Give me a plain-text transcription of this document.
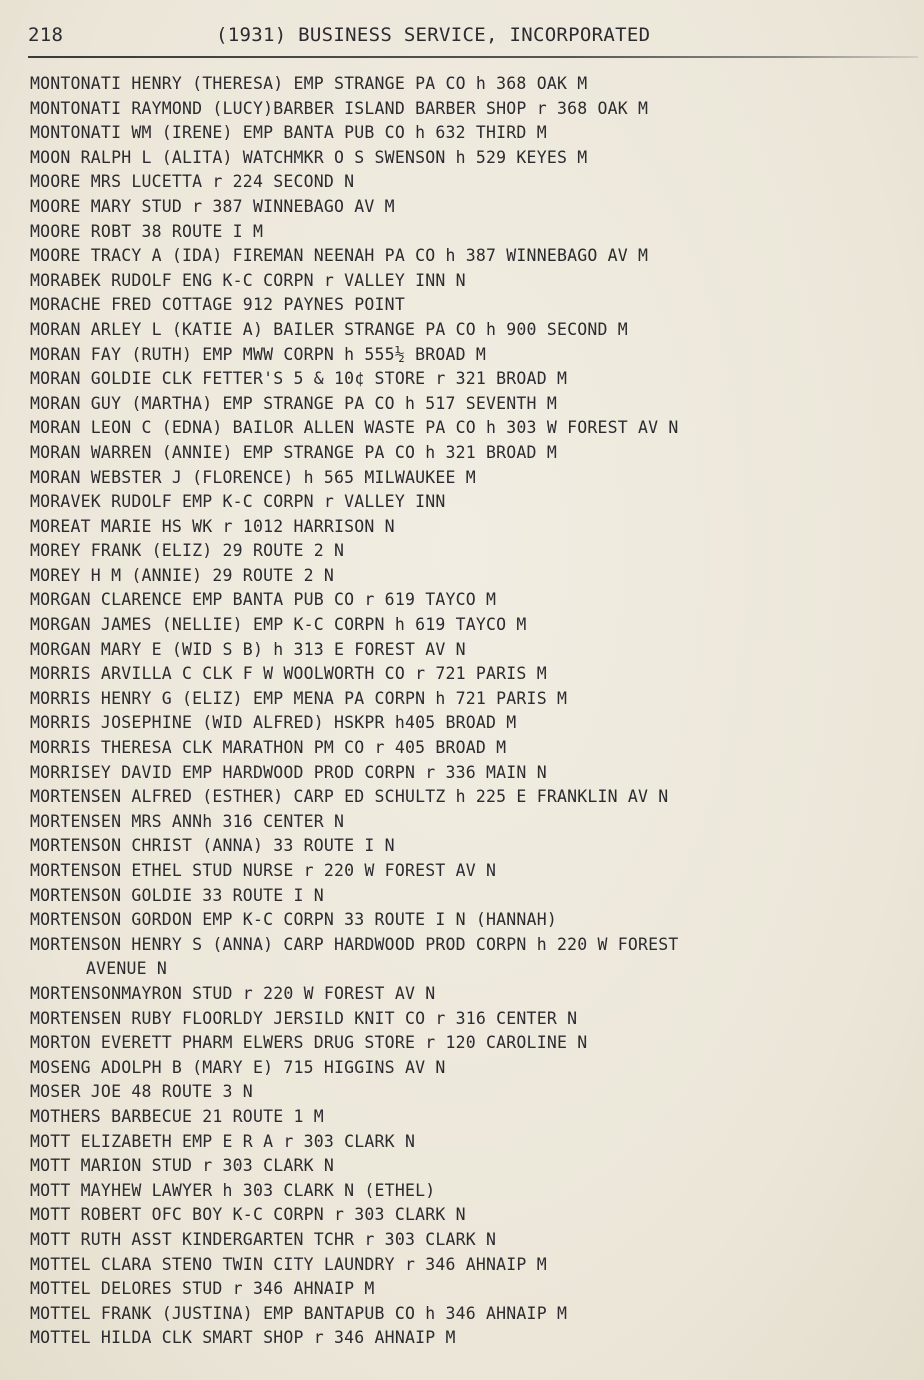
218	(1931) BUSINESS SERVICE, INCORPORATED
MONTONATI HENRY (THERESA) EMP STRANGE PA CO h 368 OAK M
MONTONATI RAYMOND (LUCY)BARBER ISLAND BARBER SHOP r 368 OAK M
MONTONATI WM (IRENE) EMP BANTA PUB CO h 632 THIRD M
MOON RALPH L (ALITA) WATCHMKR O S SWENSON h 529 KEYES M
MOORE MRS LUCETTA r 224 SECOND N
MOORE MARY STUD r 387 WINNEBAGO AV M
MOORE ROBT 38 ROUTE I M
MOORE TRACY A (IDA) FIREMAN NEENAH PA CO h 387 WINNEBAGO AV M
MORABEK RUDOLF ENG K-C CORPN r VALLEY INN N
MORACHE FRED COTTAGE 912 PAYNES POINT
MORAN ARLEY L (KATIE A) BAILER STRANGE PA CO h 900 SECOND M
MORAN FAY (RUTH) EMP MWW CORPN h 555½ BROAD M
MORAN GOLDIE CLK FETTER'S 5 & 10¢ STORE r 321 BROAD M
MORAN GUY (MARTHA) EMP STRANGE PA CO h 517 SEVENTH M
MORAN LEON C (EDNA) BAILOR ALLEN WASTE PA CO h 303 W FOREST AV N
MORAN WARREN (ANNIE) EMP STRANGE PA CO h 321 BROAD M
MORAN WEBSTER J (FLORENCE) h 565 MILWAUKEE M
MORAVEK RUDOLF EMP K-C CORPN r VALLEY INN
MOREAT MARIE HS WK r 1012 HARRISON N
MOREY FRANK (ELIZ) 29 ROUTE 2 N
MOREY H M (ANNIE) 29 ROUTE 2 N
MORGAN CLARENCE EMP BANTA PUB CO r 619 TAYCO M
MORGAN JAMES (NELLIE) EMP K-C CORPN h 619 TAYCO M
MORGAN MARY E (WID S B) h 313 E FOREST AV N
MORRIS ARVILLA C CLK F W WOOLWORTH CO r 721 PARIS M
MORRIS HENRY G (ELIZ) EMP MENA PA CORPN h 721 PARIS M
MORRIS JOSEPHINE (WID ALFRED) HSKPR h405 BROAD M
MORRIS THERESA CLK MARATHON PM CO r 405 BROAD M
MORRISEY DAVID EMP HARDWOOD PROD CORPN r 336 MAIN N
MORTENSEN ALFRED (ESTHER) CARP ED SCHULTZ h 225 E FRANKLIN AV N
MORTENSEN MRS ANNh 316 CENTER N
MORTENSON CHRIST (ANNA) 33 ROUTE I N
MORTENSON ETHEL STUD NURSE r 220 W FOREST AV N
MORTENSON GOLDIE 33 ROUTE I N
MORTENSON GORDON EMP K-C CORPN 33 ROUTE I N (HANNAH)
MORTENSON HENRY S (ANNA) CARP HARDWOOD PROD CORPN h 220 W FOREST
AVENUE N
MORTENSONMAYRON STUD r 220 W FOREST AV N
MORTENSEN RUBY FLOORLDY JERSILD KNIT CO r 316 CENTER N
MORTON EVERETT PHARM ELWERS DRUG STORE r 120 CAROLINE N
MOSENG ADOLPH B (MARY E) 715 HIGGINS AV N
MOSER JOE 48 ROUTE 3 N
MOTHERS BARBECUE 21 ROUTE 1 M
MOTT ELIZABETH EMP E R A r 303 CLARK N
MOTT MARION STUD r 303 CLARK N
MOTT MAYHEW LAWYER h 303 CLARK N (ETHEL)
MOTT ROBERT OFC BOY K-C CORPN r 303 CLARK N
MOTT RUTH ASST KINDERGARTEN TCHR r 303 CLARK N
MOTTEL CLARA STENO TWIN CITY LAUNDRY r 346 AHNAIP M
MOTTEL DELORES STUD r 346 AHNAIP M
MOTTEL FRANK (JUSTINA) EMP BANTAPUB CO h 346 AHNAIP M
MOTTEL HILDA CLK SMART SHOP r 346 AHNAIP M
